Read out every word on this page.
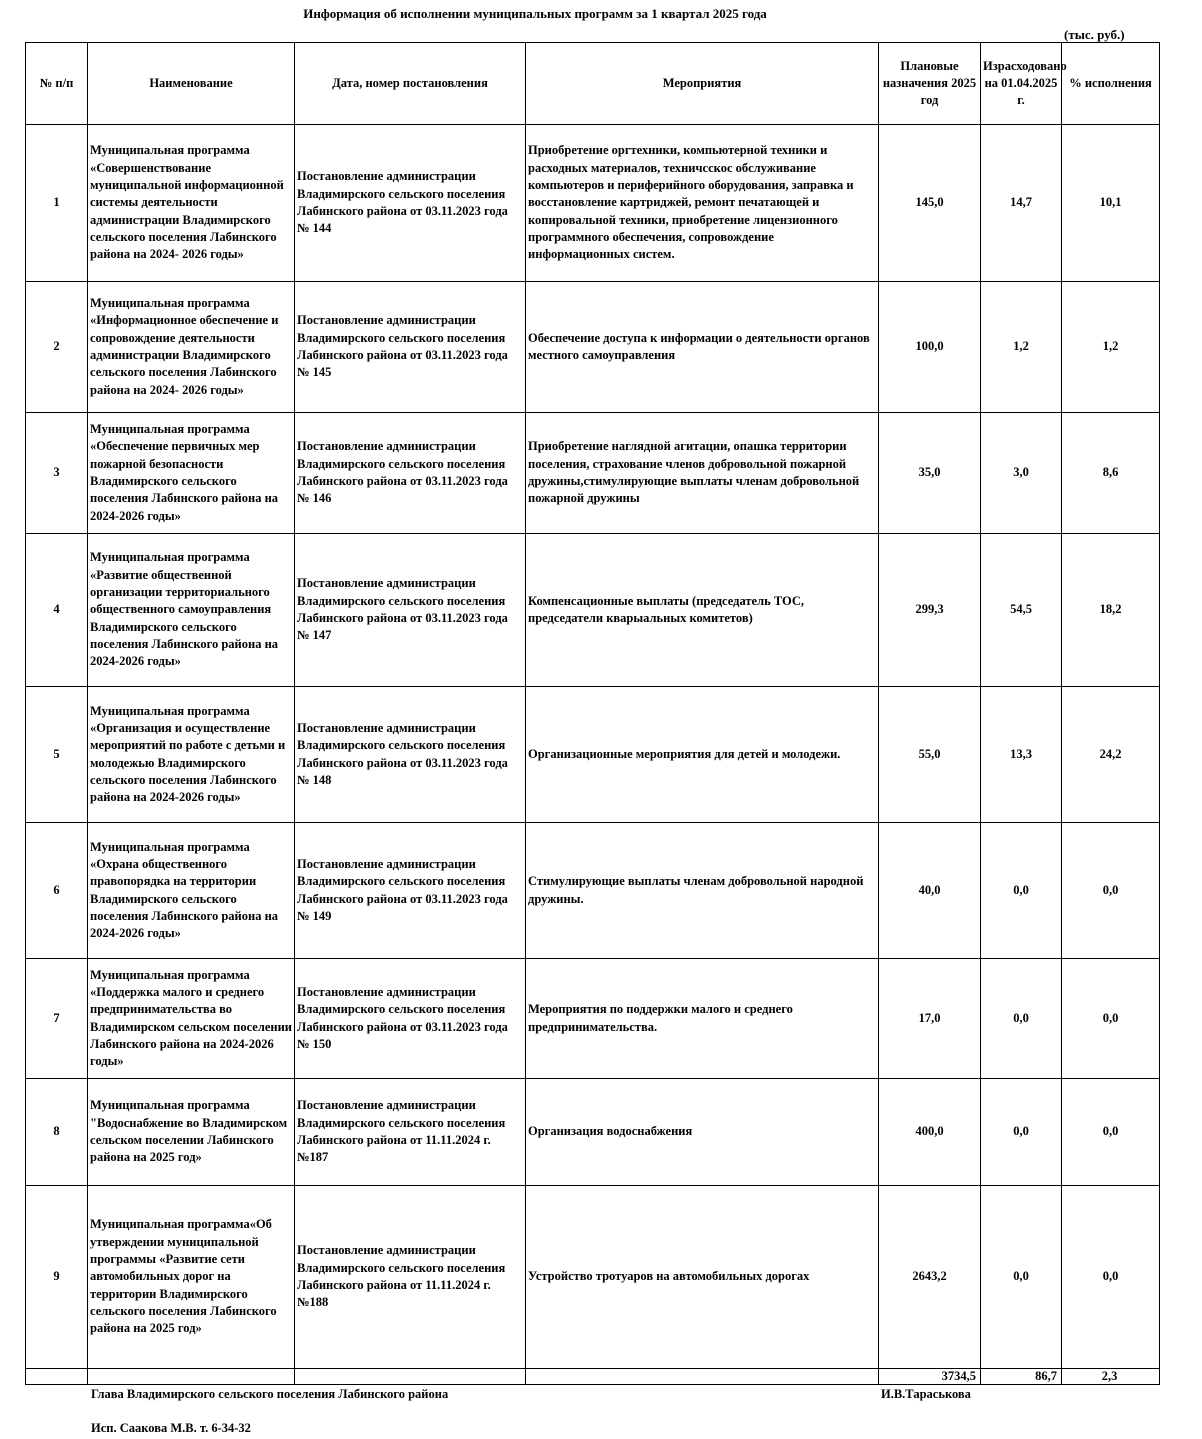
Информация об исполнении муниципальных программ за 1 квартал 2025 года
(тыс. руб.)
№ п/п	Наименование	Дата, номер постановления	Мероприятия	Плановые назначения 2025 год	Израсходовано на 01.04.2025 г.	% исполнения
1	Муниципальная программа «Совершенствование муниципальной информационной системы деятельности администрации Владимирского сельского поселения Лабинского района на 2024- 2026 годы»	Постановление администрации Владимирского сельского поселения Лабинского района от 03.11.2023 года № 144	Приобретение оргтехники, компьютерной техники и расходных материалов, техничсскос обслуживание компьютеров и периферийного оборудования, заправка и восстановление картриджей, ремонт печатающей и копировальной техники, приобретение лицензионного программного обеспечения, сопровождение информационных систем.	145,0	14,7	10,1
2	Муниципальная программа «Информационное обеспечение и сопровождение деятельности администрации Владимирского сельского поселения Лабинского района на 2024- 2026 годы»	Постановление администрации Владимирского сельского поселения Лабинского района от 03.11.2023 года № 145	Обеспечение доступа к информации о деятельности органов местного самоуправления	100,0	1,2	1,2
3	Муниципальная программа «Обеспечение первичных мер пожарной безопасности Владимирского сельского поселения Лабинского района на 2024-2026 годы»	Постановление администрации Владимирского сельского поселения Лабинского района от 03.11.2023 года № 146	Приобретение наглядной агитации, опашка территории поселения, страхование членов добровольной пожарной дружины,стимулирующие выплаты членам добровольной пожарной дружины	35,0	3,0	8,6
4	Муниципальная программа «Развитие общественной организации территориального общественного самоуправления Владимирского сельского поселения Лабинского района на 2024-2026 годы»	Постановление администрации Владимирского сельского поселения Лабинского района от 03.11.2023 года № 147	Компенсационные выплаты (председатель ТОС, председатели кварыальных комитетов)	299,3	54,5	18,2
5	Муниципальная программа «Организация и осуществление мероприятий по работе с детьми и молодежью Владимирского сельского поселения Лабинского района на 2024-2026 годы»	Постановление администрации Владимирского сельского поселения Лабинского района от 03.11.2023 года № 148	Организационные мероприятия для детей и молодежи.	55,0	13,3	24,2
6	Муниципальная программа «Охрана общественного правопорядка на территории Владимирского сельского поселения Лабинского района на 2024-2026 годы»	Постановление администрации Владимирского сельского поселения Лабинского района от 03.11.2023 года № 149	Стимулирующие выплаты членам добровольной народной дружины.	40,0	0,0	0,0
7	Муниципальная программа «Поддержка малого и среднего предпринимательства во Владимирском сельском поселении Лабинского района на 2024-2026 годы»	Постановление администрации Владимирского сельского поселения Лабинского района от 03.11.2023 года № 150	Мероприятия по поддержки малого и среднего предпринимательства.	17,0	0,0	0,0
8	Муниципальная программа "Водоснабжение во Владимирском сельском поселении Лабинского района на 2025 год»	Постановление администрации Владимирского сельского поселения Лабинского района от 11.11.2024 г. №187	Организация водоснабжения	400,0	0,0	0,0
9	Муниципальная программа«Об утверждении муниципальной программы «Развитие сети автомобильных дорог на территории Владимирского сельского поселения Лабинского района на 2025 год»	Постановление администрации Владимирского сельского поселения Лабинского района от 11.11.2024 г. №188	Устройство тротуаров на автомобильных дорогах	2643,2	0,0	0,0
				3734,5	86,7	2,3
Глава Владимирского сельского поселения Лабинского района	И.В.Тараськова
Исп. Саакова М.В. т. 6-34-32
